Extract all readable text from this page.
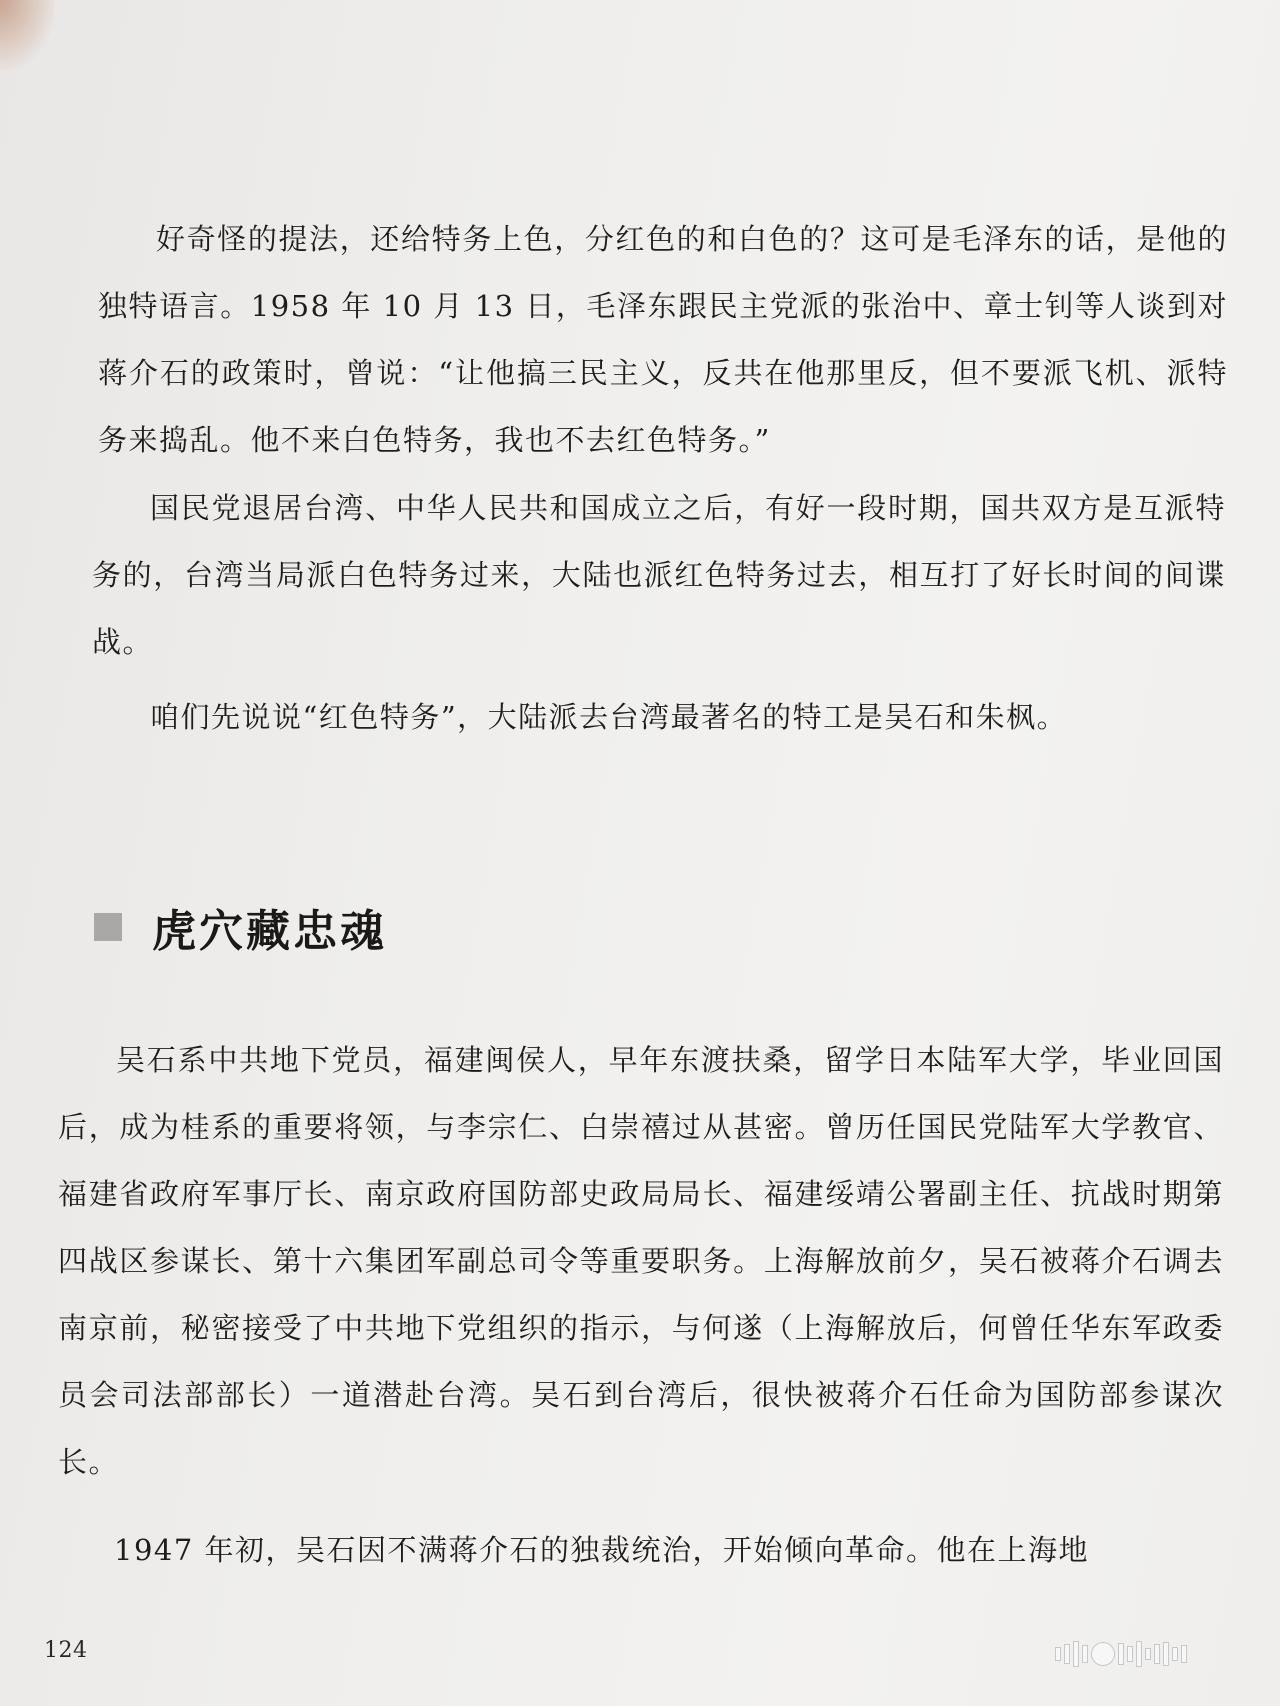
好奇怪的提法，还给特务上色，分红色的和白色的？这可是毛泽东的话，是他的独特语言。1958 年 10 月 13 日，毛泽东跟民主党派的张治中、章士钊等人谈到对蒋介石的政策时，曾说：“让他搞三民主义，反共在他那里反，但不要派飞机、派特务来捣乱。他不来白色特务，我也不去红色特务。”

国民党退居台湾、中华人民共和国成立之后，有好一段时期，国共双方是互派特务的，台湾当局派白色特务过来，大陆也派红色特务过去，相互打了好长时间的间谍战。

咱们先说说“红色特务”，大陆派去台湾最著名的特工是吴石和朱枫。

虎穴藏忠魂

吴石系中共地下党员，福建闽侯人，早年东渡扶桑，留学日本陆军大学，毕业回国后，成为桂系的重要将领，与李宗仁、白崇禧过从甚密。曾历任国民党陆军大学教官、福建省政府军事厅长、南京政府国防部史政局局长、福建绥靖公署副主任、抗战时期第四战区参谋长、第十六集团军副总司令等重要职务。上海解放前夕，吴石被蒋介石调去南京前，秘密接受了中共地下党组织的指示，与何遂（上海解放后，何曾任华东军政委员会司法部部长）一道潜赴台湾。吴石到台湾后，很快被蒋介石任命为国防部参谋次长。

1947 年初，吴石因不满蒋介石的独裁统治，开始倾向革命。他在上海地

124
